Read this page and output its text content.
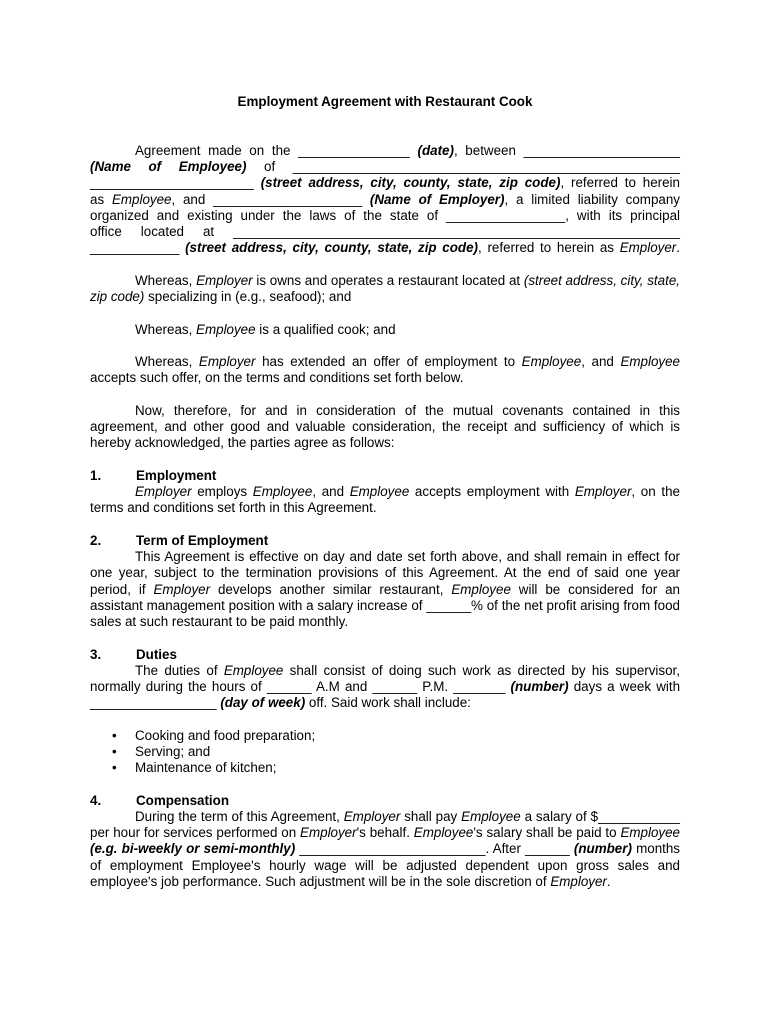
Employment Agreement with Restaurant Cook
Agreement made on the _______________ (date), between _____________________
(Name of Employee) of ____________________________________________________
______________________ (street address, city, county, state, zip code), referred to herein
as Employee, and ____________________ (Name of Employer), a limited liability company
organized and existing under the laws of the state of ________________, with its principal
office located at ____________________________________________________________
____________ (street address, city, county, state, zip code), referred to herein as Employer.

Whereas, Employer is owns and operates a restaurant located at (street address, city, state, zip code) specializing in (e.g., seafood); and

Whereas, Employee is a qualified cook; and

Whereas, Employer has extended an offer of employment to Employee, and Employee accepts such offer, on the terms and conditions set forth below.

Now, therefore, for and in consideration of the mutual covenants contained in this agreement, and other good and valuable consideration, the receipt and sufficiency of which is hereby acknowledged, the parties agree as follows:

1.	Employment
Employer employs Employee, and Employee accepts employment with Employer, on the terms and conditions set forth in this Agreement.
2.	Term of Employment
This Agreement is effective on day and date set forth above, and shall remain in effect for one year, subject to the termination provisions of this Agreement. At the end of said one year period, if Employer develops another similar restaurant, Employee will be considered for an assistant management position with a salary increase of ______% of the net profit arising from food sales at such restaurant to be paid monthly.
3.	Duties
The duties of Employee shall consist of doing such work as directed by his supervisor, normally during the hours of ______ A.M and ______ P.M. _______ (number) days a week with _________________ (day of week) off. Said work shall include:
• Cooking and food preparation;
• Serving; and
• Maintenance of kitchen;
4.	Compensation
During the term of this Agreement, Employer shall pay Employee a salary of $___________ per hour for services performed on Employer's behalf. Employee's salary shall be paid to Employee (e.g. bi-weekly or semi-monthly) _________________________. After ______ (number) months of employment Employee's hourly wage will be adjusted dependent upon gross sales and employee's job performance. Such adjustment will be in the sole discretion of Employer.
